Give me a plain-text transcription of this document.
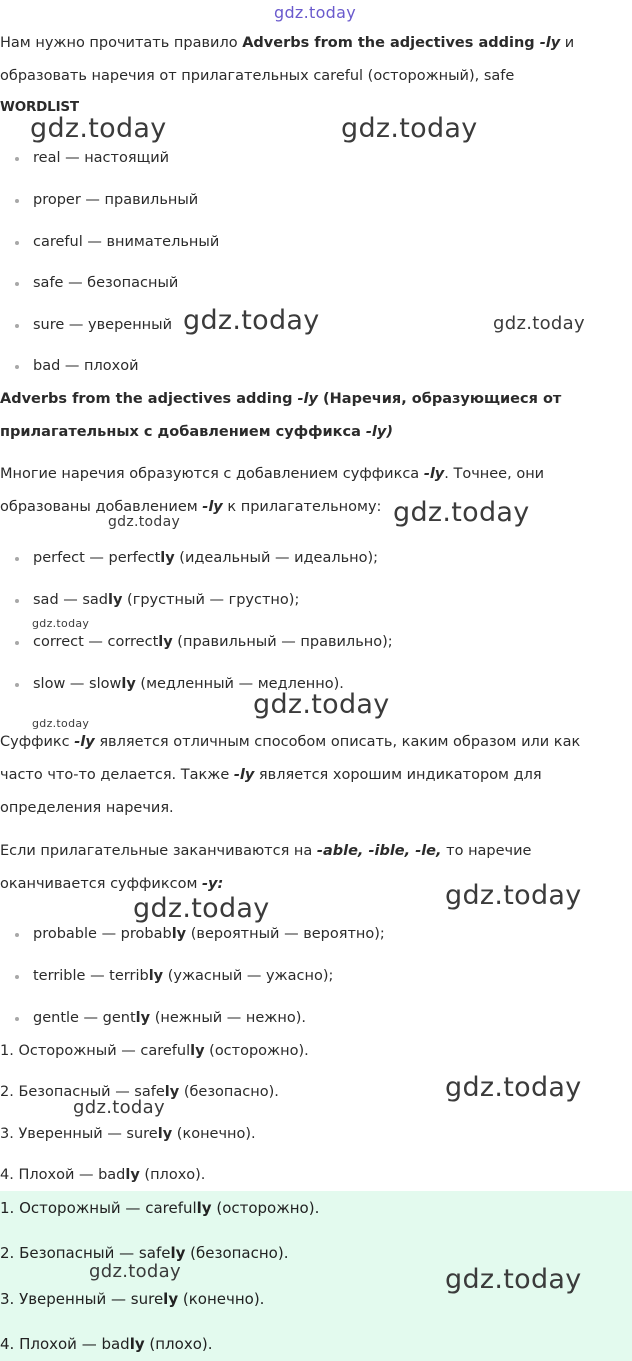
gdz.today
Нам нужно прочитать правило Adverbs from the adjectives adding -ly и
образовать наречия от прилагательных careful (осторожный), safe
WORDLIST
real — настоящий
proper — правильный
careful — внимательный
safe — безопасный
sure — уверенный
bad — плохой
Adverbs from the adjectives adding -ly (Наречия, образующиеся от
прилагательных с добавлением суффикса -ly)
Многие наречия образуются с добавлением суффикса -ly. Точнее, они
образованы добавлением -ly к прилагательному:
perfect — perfectly (идеальный — идеально);
sad — sadly (грустный — грустно);
correct — correctly (правильный — правильно);
slow — slowly (медленный — медленно).
Суффикс -ly является отличным способом описать, каким образом или как
часто что-то делается. Также -ly является хорошим индикатором для
определения наречия.
Если прилагательные заканчиваются на -able, -ible, -le, то наречие
оканчивается суффиксом -y:
probable — probably (вероятный — вероятно);
terrible — terribly (ужасный — ужасно);
gentle — gently (нежный — нежно).
1. Осторожный — carefully (осторожно).
2. Безопасный — safely (безопасно).
3. Уверенный — surely (конечно).
4. Плохой — badly (плохо).
1. Осторожный — carefully (осторожно).
2. Безопасный — safely (безопасно).
3. Уверенный — surely (конечно).
4. Плохой — badly (плохо).
gdz.today	gdz.today
gdz.today	gdz.today
gdz.today
gdz.today
gdz.today
gdz.today
gdz.today
gdz.today
gdz.today
gdz.today
gdz.today
gdz.today	gdz.today
